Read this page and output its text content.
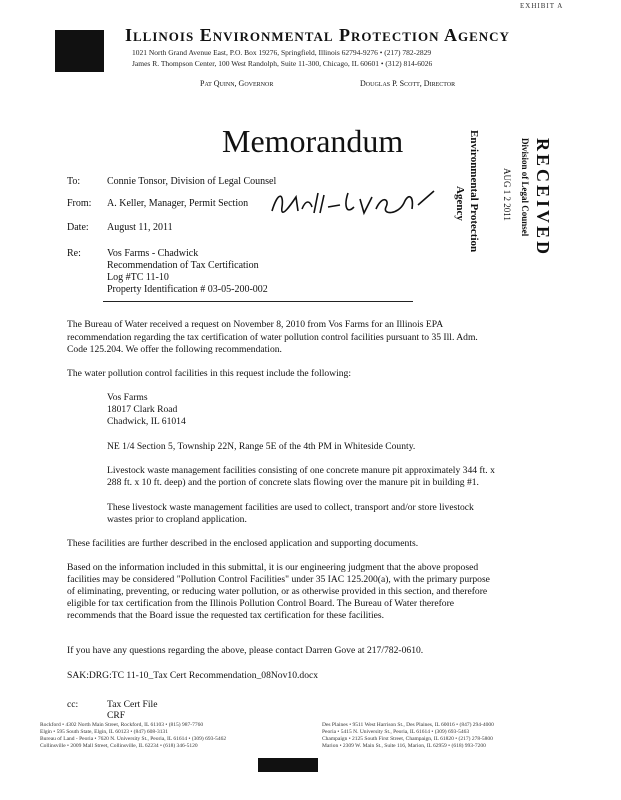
EXHIBIT A
Illinois Environmental Protection Agency
1021 North Grand Avenue East, P.O. Box 19276, Springfield, Illinois 62794-9276 • (217) 782-2829
James R. Thompson Center, 100 West Randolph, Suite 11-300, Chicago, IL 60601 • (312) 814-6026
Pat Quinn, Governor	Douglas P. Scott, Director
Memorandum
To:	Connie Tonsor, Division of Legal Counsel
From: A. Keller, Manager, Permit Section
Date: August 11, 2011
Re:	Vos Farms - Chadwick
Recommendation of Tax Certification
Log #TC 11-10
Property Identification # 03-05-200-002
RECEIVED
Division of Legal Counsel
AUG 1 2 2011
Environmental Protection
Agency
The Bureau of Water received a request on November 8, 2010 from Vos Farms for an Illinois EPA
recommendation regarding the tax certification of water pollution control facilities pursuant to 35 Ill. Adm.
Code 125.204. We offer the following recommendation.
The water pollution control facilities in this request include the following:
Vos Farms
18017 Clark Road
Chadwick, IL 61014
NE 1/4 Section 5, Township 22N, Range 5E of the 4th PM in Whiteside County.
Livestock waste management facilities consisting of one concrete manure pit approximately 344 ft. x
288 ft. x 10 ft. deep) and the portion of concrete slats flowing over the manure pit in building #1.
These livestock waste management facilities are used to collect, transport and/or store livestock
wastes prior to cropland application.
These facilities are further described in the enclosed application and supporting documents.
Based on the information included in this submittal, it is our engineering judgment that the above proposed
facilities may be considered "Pollution Control Facilities" under 35 IAC 125.200(a), with the primary purpose
of eliminating, preventing, or reducing water pollution, or as otherwise provided in this section, and therefore
eligible for tax certification from the Illinois Pollution Control Board. The Bureau of Water therefore
recommends that the Board issue the requested tax certification for these facilities.
If you have any questions regarding the above, please contact Darren Gove at 217/782-0610.
SAK:DRG:TC 11-10_Tax Cert Recommendation_08Nov10.docx
cc:	Tax Cert File
CRF
Rockford • 4302 North Main Street, Rockford, IL 61103 • (815) 987-7760
Elgin • 595 South State, Elgin, IL 60123 • (847) 608-3131
Bureau of Land - Peoria • 7620 N. University St., Peoria, IL 61614 • (309) 693-5462
Collinsville • 2009 Mall Street, Collinsville, IL 62234 • (618) 346-5120
Des Plaines • 9511 West Harrison St., Des Plaines, IL 60016 • (847) 294-4000
Peoria • 5415 N. University St., Peoria, IL 61614 • (309) 693-5463
Champaign • 2125 South First Street, Champaign, IL 61820 • (217) 278-5800
Marion • 2309 W. Main St., Suite 116, Marion, IL 62959 • (618) 993-7200
